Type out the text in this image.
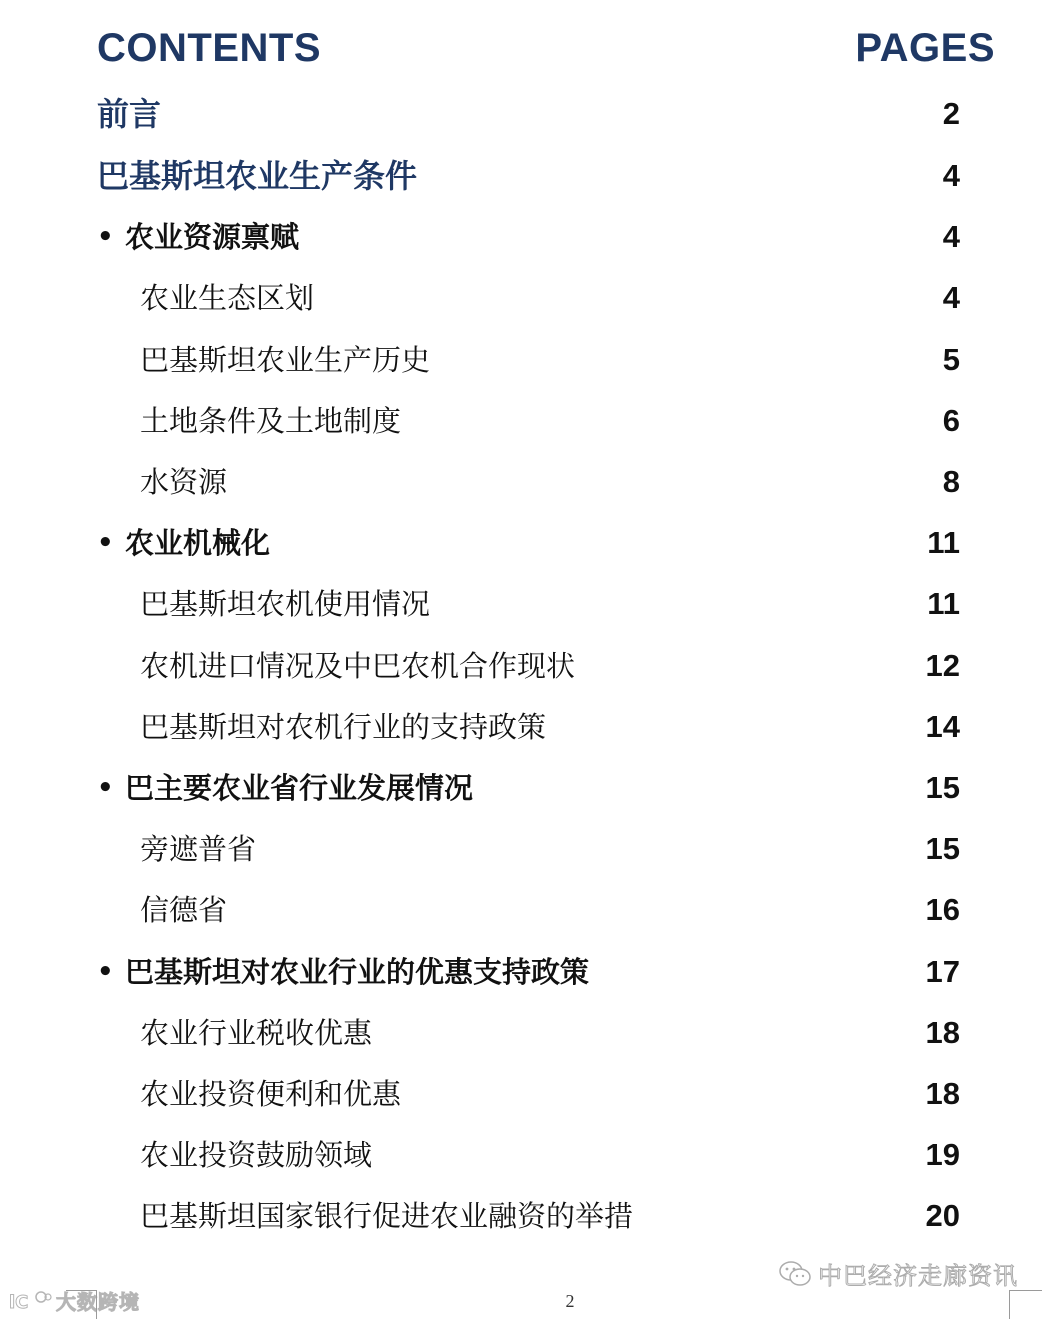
CONTENTS	PAGES
前言	2
巴基斯坦农业生产条件	4
• 农业资源禀赋	4
农业生态区划	4
巴基斯坦农业生产历史	5
土地条件及土地制度	6
水资源	8
• 农业机械化	11
巴基斯坦农机使用情况	11
农机进口情况及中巴农机合作现状	12
巴基斯坦对农机行业的支持政策	14
• 巴主要农业省行业发展情况	15
旁遮普省	15
信德省	16
• 巴基斯坦对农业行业的优惠支持政策	17
农业行业税收优惠	18
农业投资便利和优惠	18
农业投资鼓励领域	19
巴基斯坦国家银行促进农业融资的举措	20
中巴经济走廊资讯
lC 大数跨境	2
